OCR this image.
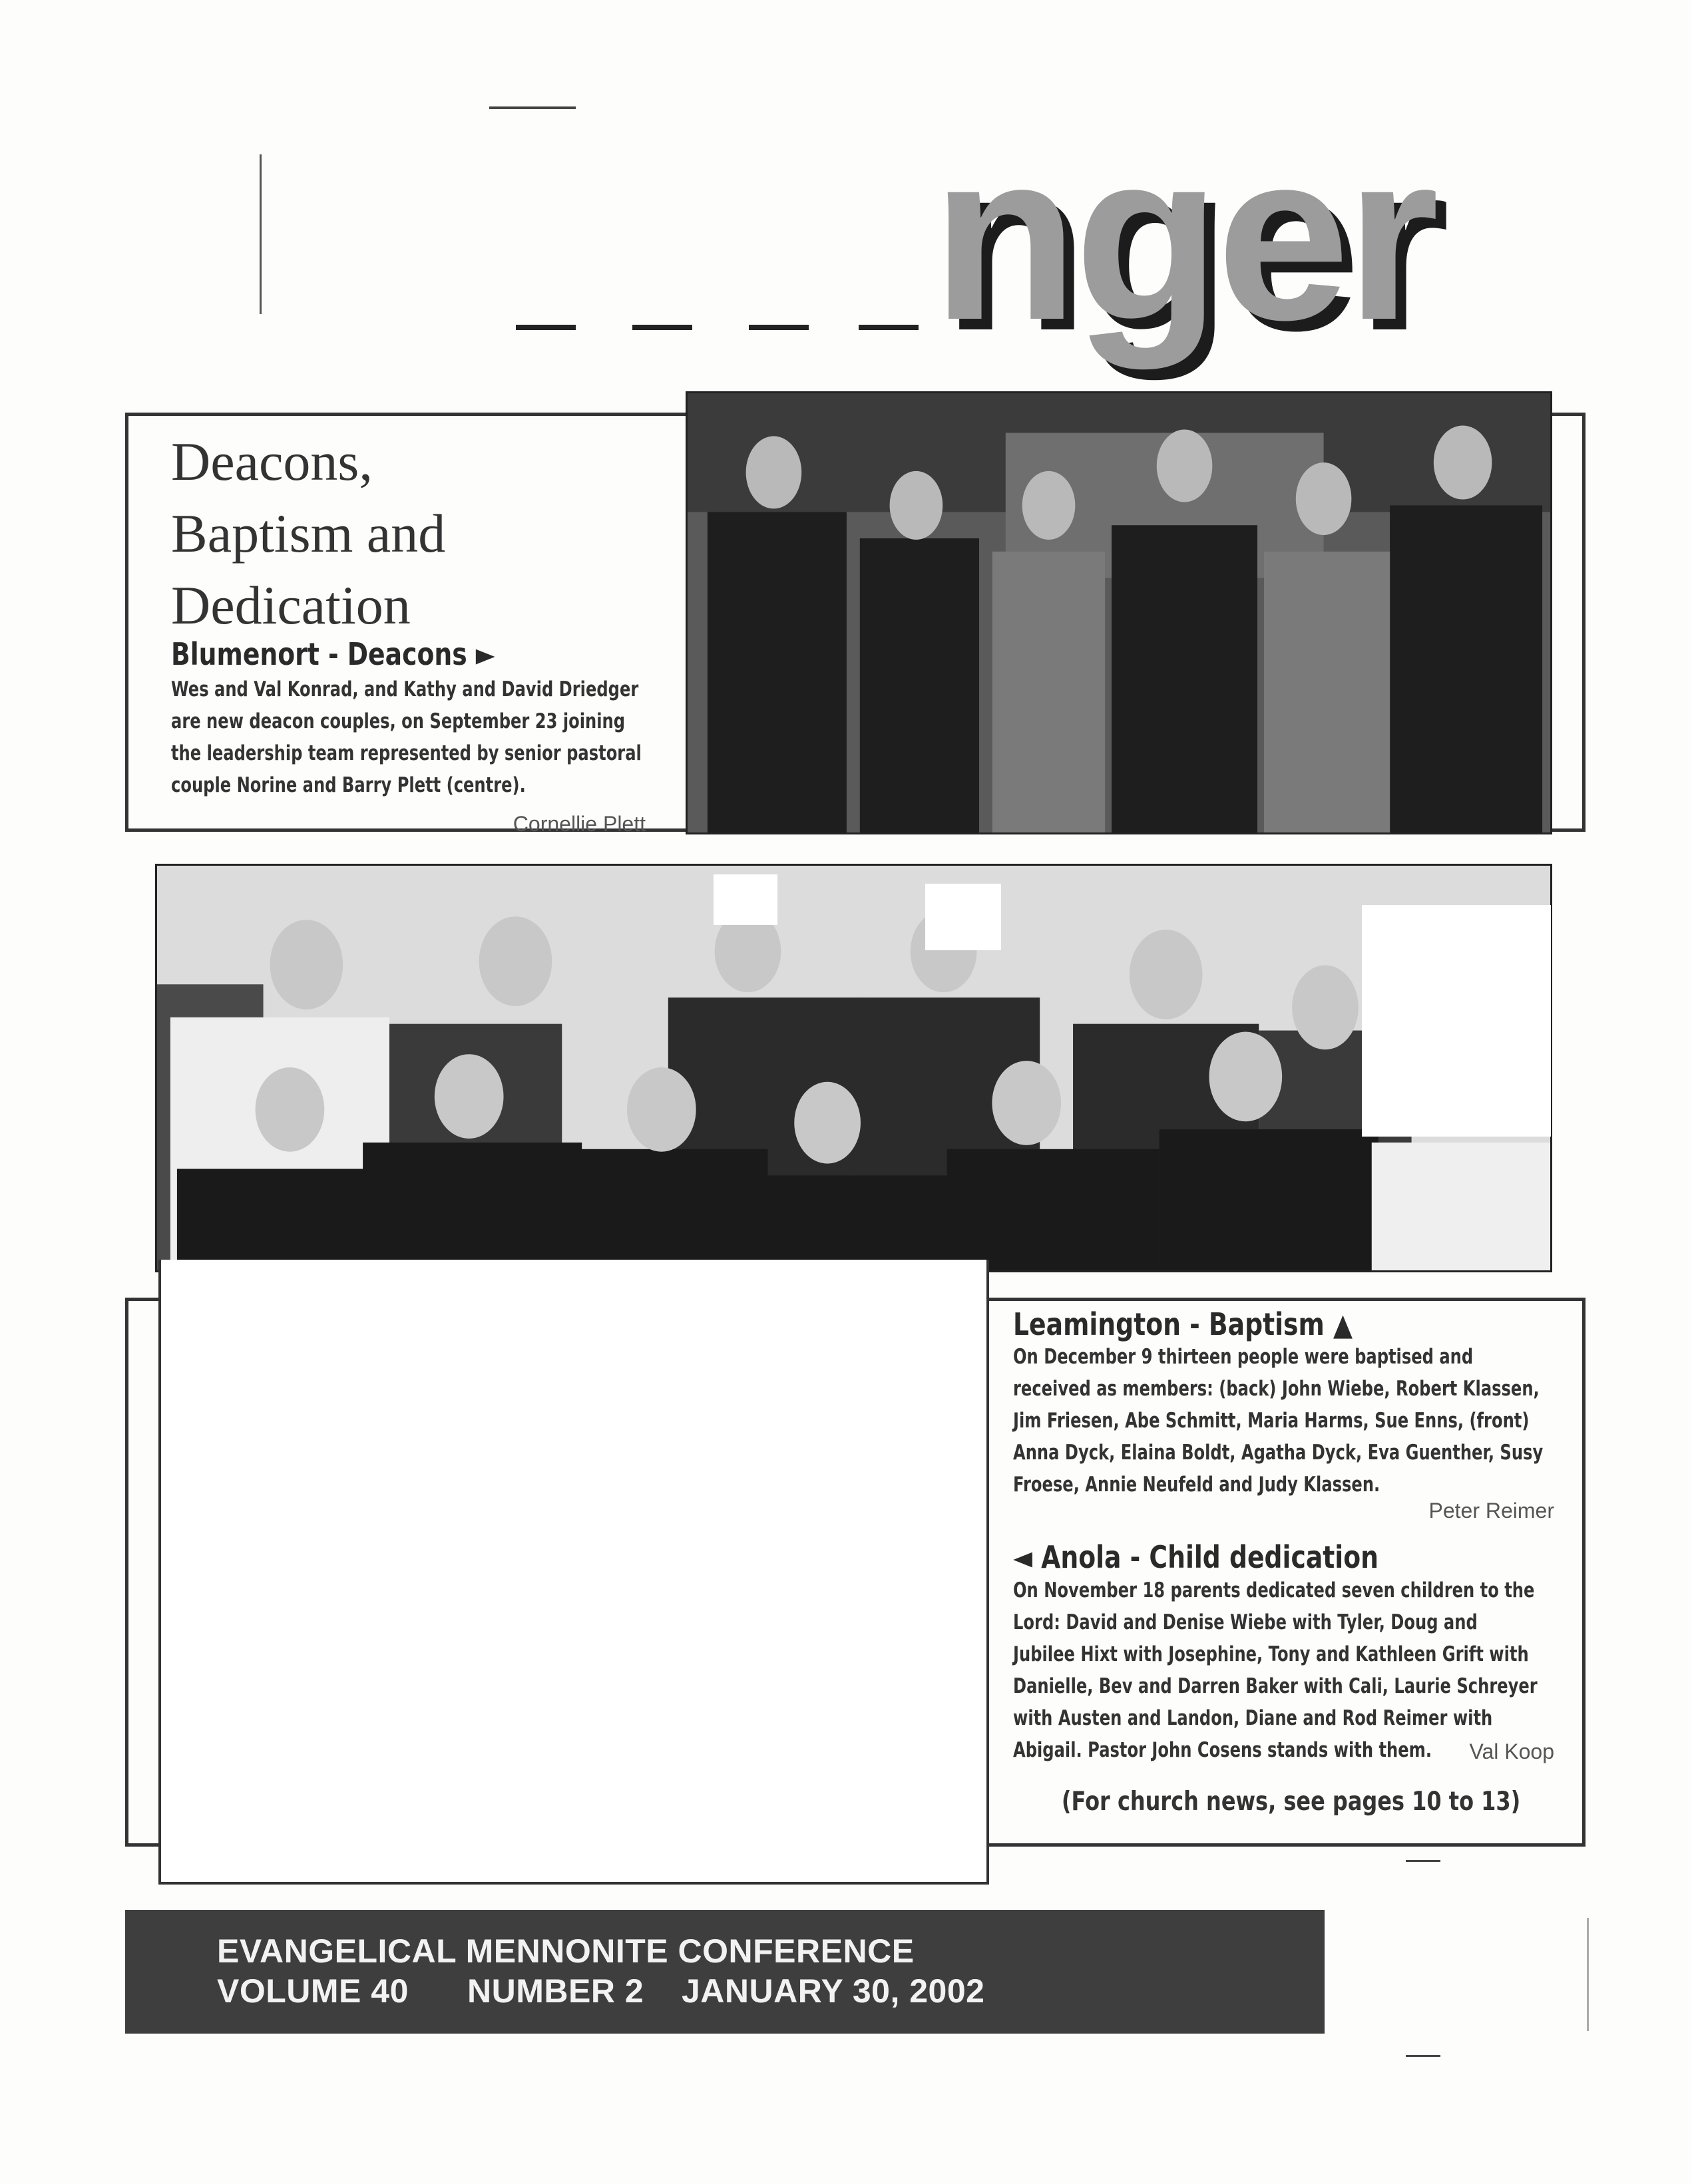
nger
Deacons,
Baptism and
Dedication
Blumenort - Deacons ►
Wes and Val Konrad, and Kathy and David Driedger are new deacon couples, on September 23 joining the leadership team represented by senior pastoral couple Norine and Barry Plett (centre).
Cornellie Plett
Leamington - Baptism ▲
On December 9 thirteen people were baptised and received as members: (back) John Wiebe, Robert Klassen, Jim Friesen, Abe Schmitt, Maria Harms, Sue Enns, (front) Anna Dyck, Elaina Boldt, Agatha Dyck, Eva Guenther, Susy Froese, Annie Neufeld and Judy Klassen.
Peter Reimer
◄ Anola - Child dedication
On November 18 parents dedicated seven children to the Lord: David and Denise Wiebe with Tyler, Doug and Jubilee Hixt with Josephine, Tony and Kathleen Grift with Danielle, Bev and Darren Baker with Cali, Laurie Schreyer with Austen and Landon, Diane and Rod Reimer with Abigail. Pastor John Cosens stands with them.	Val Koop
(For church news, see pages 10 to 13)
EVANGELICAL MENNONITE CONFERENCE
VOLUME 40 NUMBER 2 JANUARY 30, 2002
